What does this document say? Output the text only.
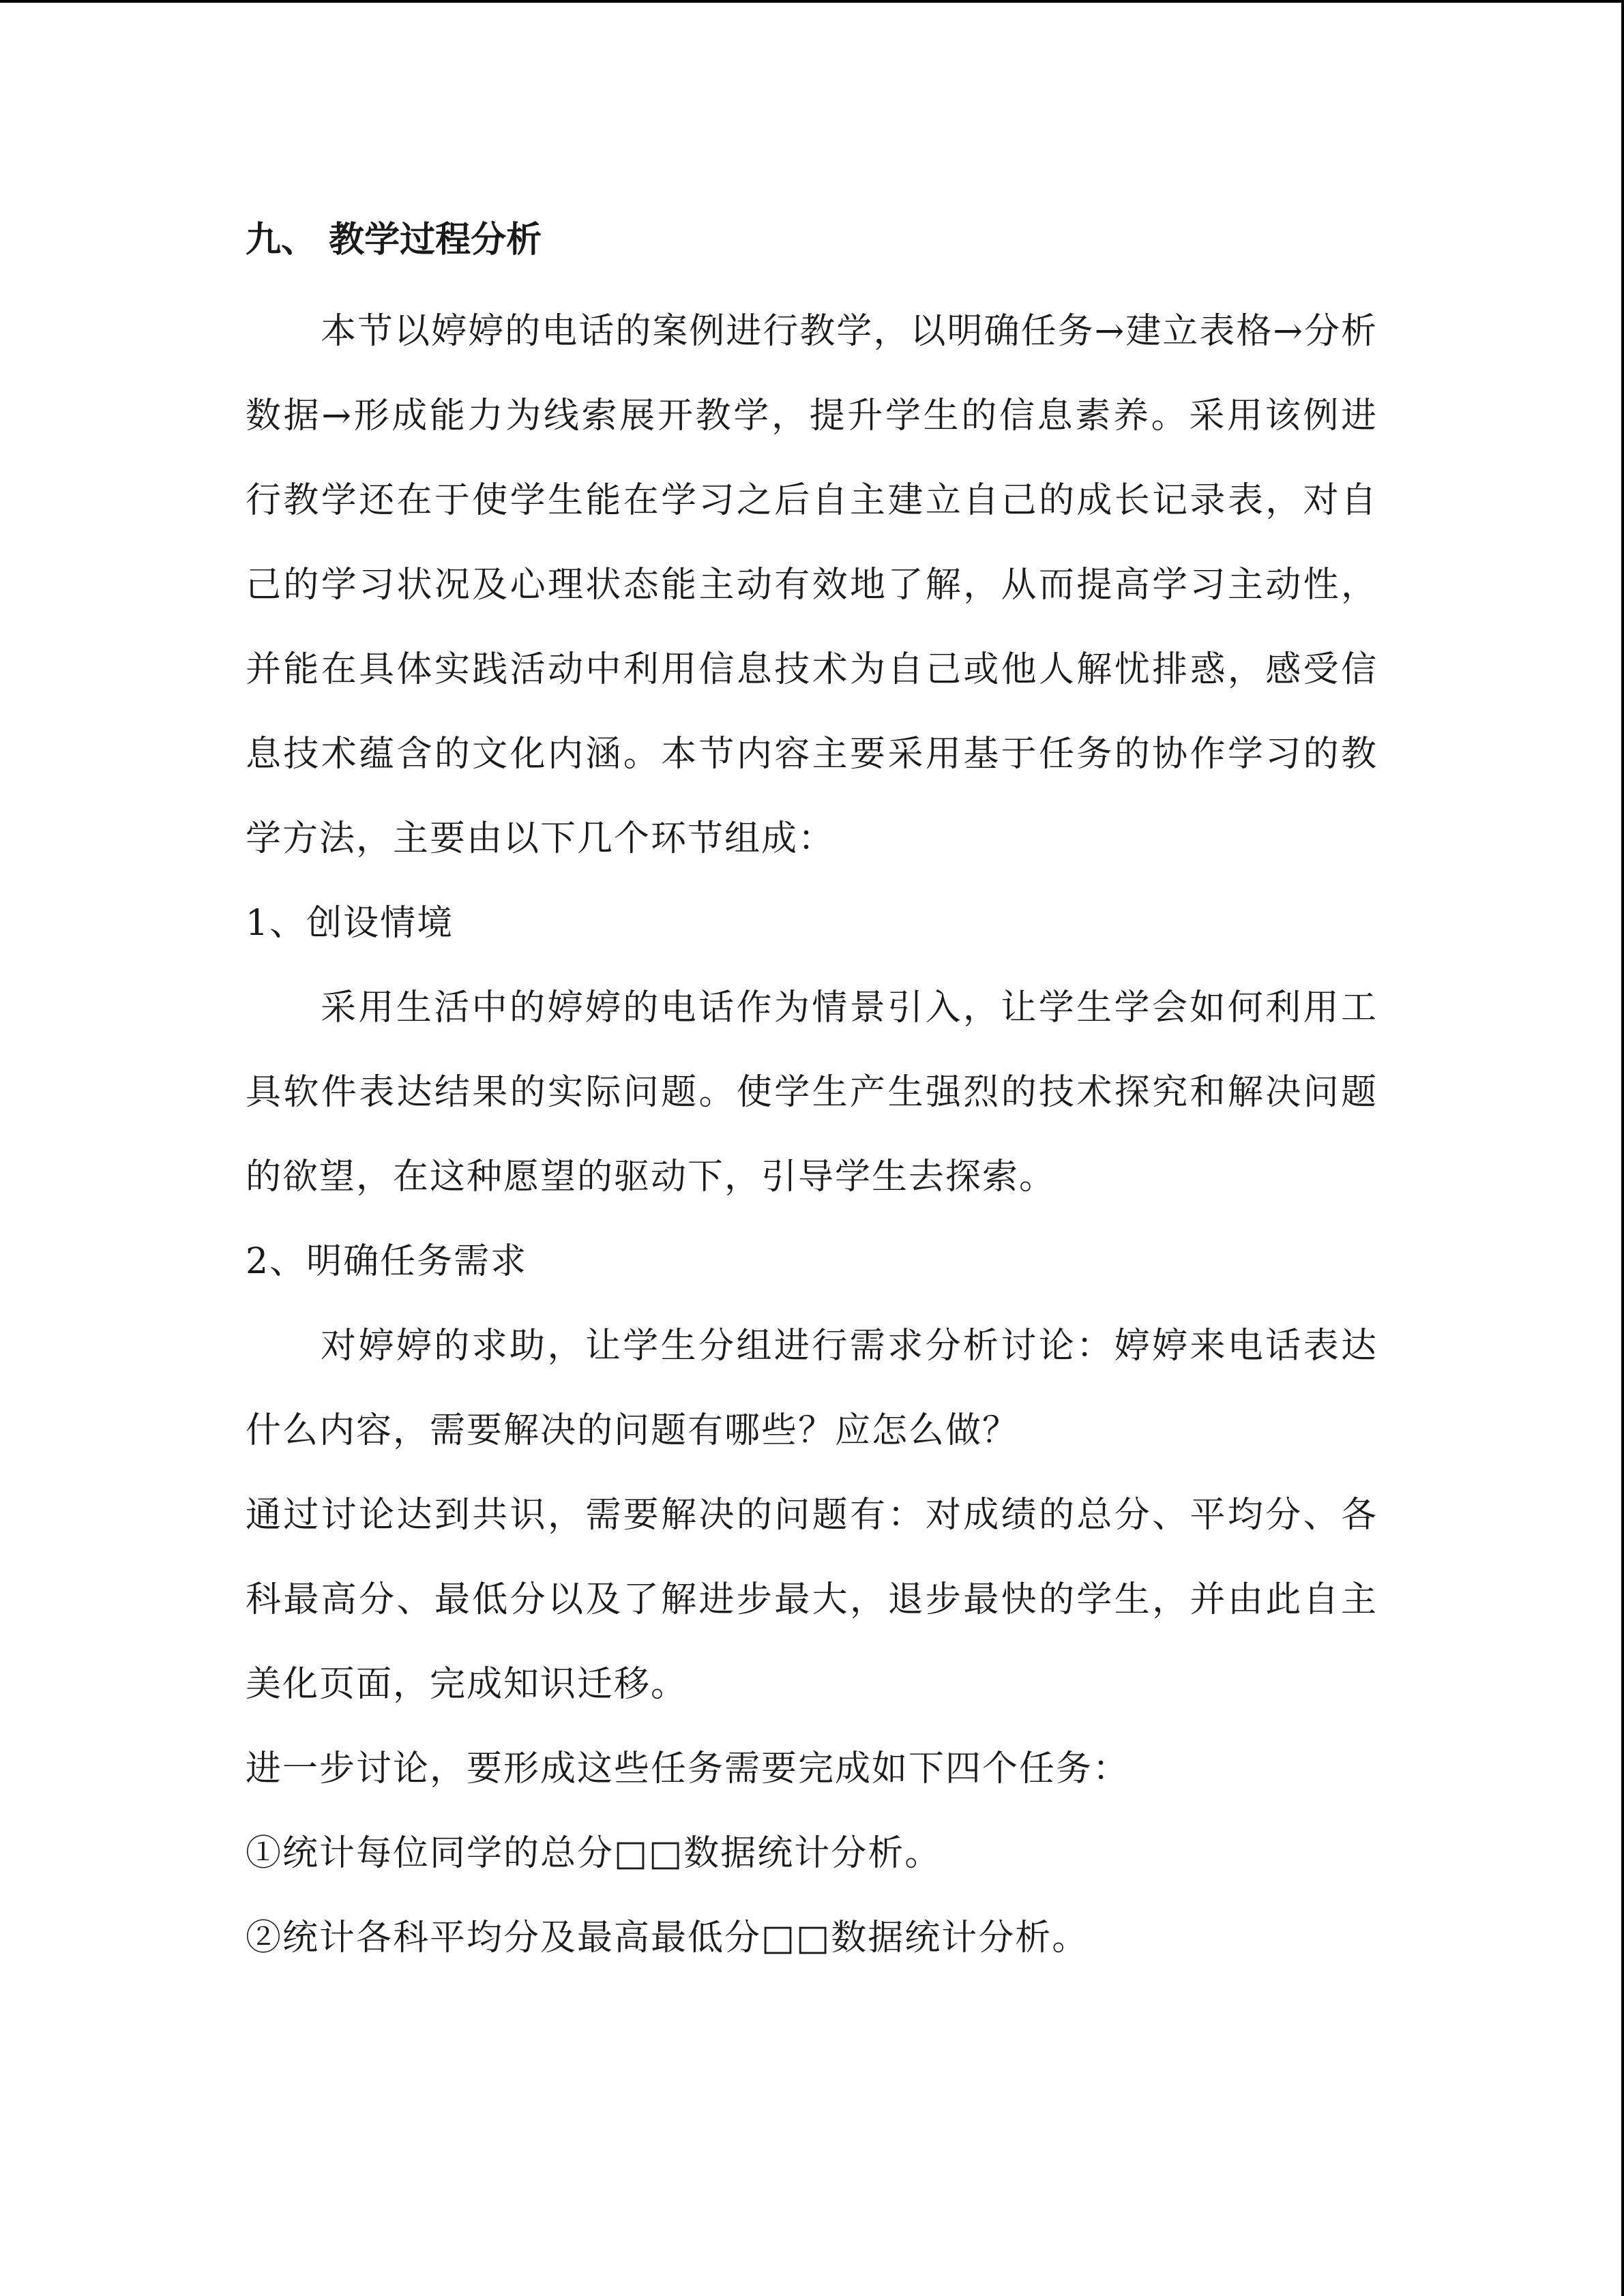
九、 教学过程分析

本节以婷婷的电话的案例进行教学，以明确任务→建立表格→分析数据→形成能力为线索展开教学，提升学生的信息素养。采用该例进行教学还在于使学生能在学习之后自主建立自己的成长记录表，对自己的学习状况及心理状态能主动有效地了解，从而提高学习主动性，并能在具体实践活动中利用信息技术为自己或他人解忧排惑，感受信息技术蕴含的文化内涵。本节内容主要采用基于任务的协作学习的教学方法，主要由以下几个环节组成：

1、创设情境

采用生活中的婷婷的电话作为情景引入，让学生学会如何利用工具软件表达结果的实际问题。使学生产生强烈的技术探究和解决问题的欲望，在这种愿望的驱动下，引导学生去探索。

2、明确任务需求

对婷婷的求助，让学生分组进行需求分析讨论：婷婷来电话表达什么内容，需要解决的问题有哪些？应怎么做？

通过讨论达到共识，需要解决的问题有：对成绩的总分、平均分、各科最高分、最低分以及了解进步最大，退步最快的学生，并由此自主美化页面，完成知识迁移。

进一步讨论，要形成这些任务需要完成如下四个任务：

①统计每位同学的总分□□数据统计分析。

②统计各科平均分及最高最低分□□数据统计分析。
